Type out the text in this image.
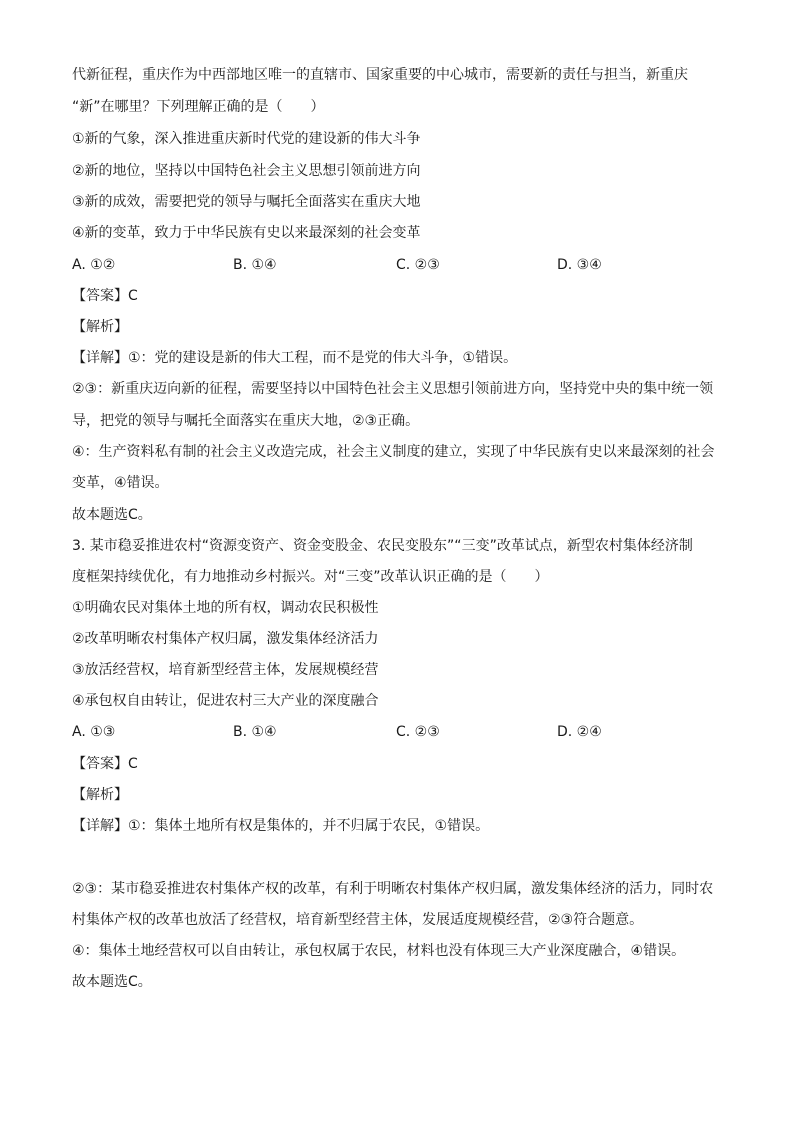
代新征程，重庆作为中西部地区唯一的直辖市、国家重要的中心城市，需要新的责任与担当，新重庆
“新”在哪里？下列理解正确的是（　　）
①新的气象，深入推进重庆新时代党的建设新的伟大斗争
②新的地位，坚持以中国特色社会主义思想引领前进方向
③新的成效，需要把党的领导与嘱托全面落实在重庆大地
④新的变革，致力于中华民族有史以来最深刻的社会变革
A. ①②	B. ①④	C. ②③	D. ③④
【答案】C
【解析】
【详解】①：党的建设是新的伟大工程，而不是党的伟大斗争，①错误。
②③：新重庆迈向新的征程，需要坚持以中国特色社会主义思想引领前进方向，坚持党中央的集中统一领
导，把党的领导与嘱托全面落实在重庆大地，②③正确。
④：生产资料私有制的社会主义改造完成，社会主义制度的建立，实现了中华民族有史以来最深刻的社会
变革，④错误。
故本题选C。
3. 某市稳妥推进农村“资源变资产、资金变股金、农民变股东”“三变”改革试点，新型农村集体经济制
度框架持续优化，有力地推动乡村振兴。对“三变”改革认识正确的是（　　）
①明确农民对集体土地的所有权，调动农民积极性
②改革明晰农村集体产权归属，激发集体经济活力
③放活经营权，培育新型经营主体，发展规模经营
④承包权自由转让，促进农村三大产业的深度融合
A. ①③	B. ①④	C. ②③	D. ②④
【答案】C
【解析】
【详解】①：集体土地所有权是集体的，并不归属于农民，①错误。
②③：某市稳妥推进农村集体产权的改革，有利于明晰农村集体产权归属，激发集体经济的活力，同时农
村集体产权的改革也放活了经营权，培育新型经营主体，发展适度规模经营，②③符合题意。
④：集体土地经营权可以自由转让，承包权属于农民，材料也没有体现三大产业深度融合，④错误。
故本题选C。
